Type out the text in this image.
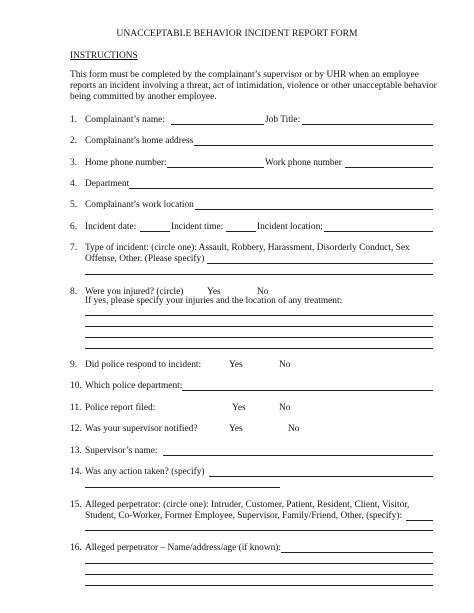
UNACCEPTABLE BEHAVIOR INCIDENT REPORT FORM
INSTRUCTIONS
This form must be completed by the complainant’s supervisor or by UHR when an employee
reports an incident involving a threat, act of intimidation, violence or other unacceptable behavior
being committed by another employee.
1. Complainant’s name:	Job Title:
2. Complainant’s home address
3. Home phone number:	Work phone number
4. Department
5. Complainant’s work location
6. Incident date:	Incident time:	Incident location:
7. Type of incident: (circle one): Assault, Robbery, Harassment, Disorderly Conduct, Sex
Offense, Other. (Please specify)
8. Were you injured? (circle)	Yes	No
If yes, please specify your injuries and the location of any treatment:
9. Did police respond to incident:	Yes	No
10. Which police department:
11. Police report filed:	Yes	No
12. Was your supervisor notified?	Yes	No
13. Supervisor’s name:
14. Was any action taken? (specify)
15. Alleged perpetrator: (circle one): Intruder, Customer, Patient, Resident, Client, Visitor,
Student, Co-Worker, Former Employee, Supervisor, Family/Friend, Other, (specify):
16. Alleged perpetrator – Name/address/age (if known):
